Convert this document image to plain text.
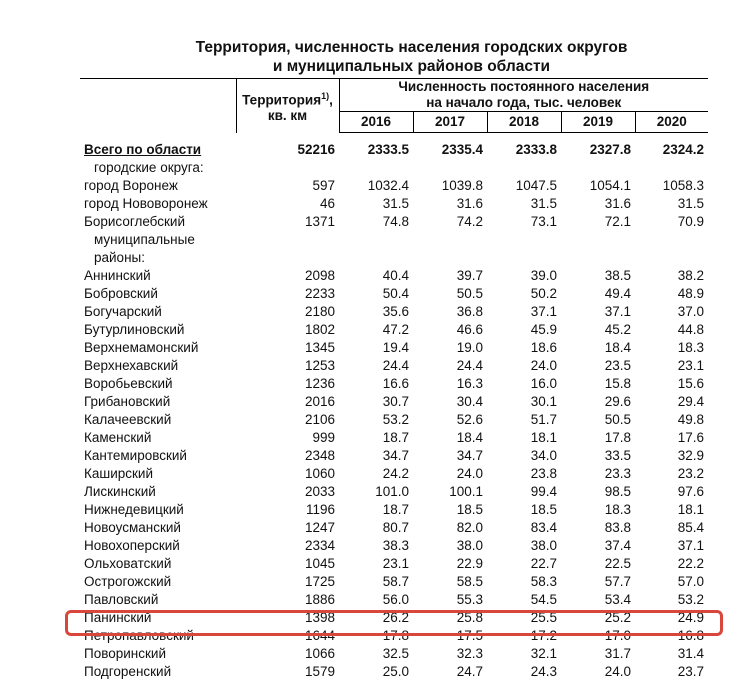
Территория, численность населения городских округов
и муниципальных районов области
	Территория$^{1)}$,
кв. км	Численность постоянного населения
на начало года, тыс. человек				
		2016	2017	2018	2019	2020
Всего по области	52216	2333.5	2335.4	2333.8	2327.8	2324.2
городские округа:						
город Воронеж	597	1032.4	1039.8	1047.5	1054.1	1058.3
город Нововоронеж	46	31.5	31.6	31.5	31.6	31.5
Борисоглебский	1371	74.8	74.2	73.1	72.1	70.9
муниципальные						
районы:						
Аннинский	2098	40.4	39.7	39.0	38.5	38.2
Бобровский	2233	50.4	50.5	50.2	49.4	48.9
Богучарский	2180	35.6	36.8	37.1	37.1	37.0
Бутурлиновский	1802	47.2	46.6	45.9	45.2	44.8
Верхнемамонский	1345	19.4	19.0	18.6	18.4	18.3
Верхнехавский	1253	24.4	24.4	24.0	23.5	23.1
Воробьевский	1236	16.6	16.3	16.0	15.8	15.6
Грибановский	2016	30.7	30.4	30.1	29.6	29.4
Калачеевский	2106	53.2	52.6	51.7	50.5	49.8
Каменский	999	18.7	18.4	18.1	17.8	17.6
Кантемировский	2348	34.7	34.7	34.0	33.5	32.9
Каширский	1060	24.2	24.0	23.8	23.3	23.2
Лискинский	2033	101.0	100.1	99.4	98.5	97.6
Нижнедевицкий	1196	18.7	18.5	18.5	18.3	18.1
Новоусманский	1247	80.7	82.0	83.4	83.8	85.4
Новохоперский	2334	38.3	38.0	38.0	37.4	37.1
Ольховатский	1045	23.1	22.9	22.7	22.5	22.2
Острогожский	1725	58.7	58.5	58.3	57.7	57.0
Павловский	1886	56.0	55.3	54.5	53.4	53.2
Панинский	1398	26.2	25.8	25.5	25.2	24.9
Петропавловский	1644	17.8	17.5	17.2	17.0	16.8
Поворинский	1066	32.5	32.3	32.1	31.7	31.4
Подгоренский	1579	25.0	24.7	24.3	24.0	23.7
